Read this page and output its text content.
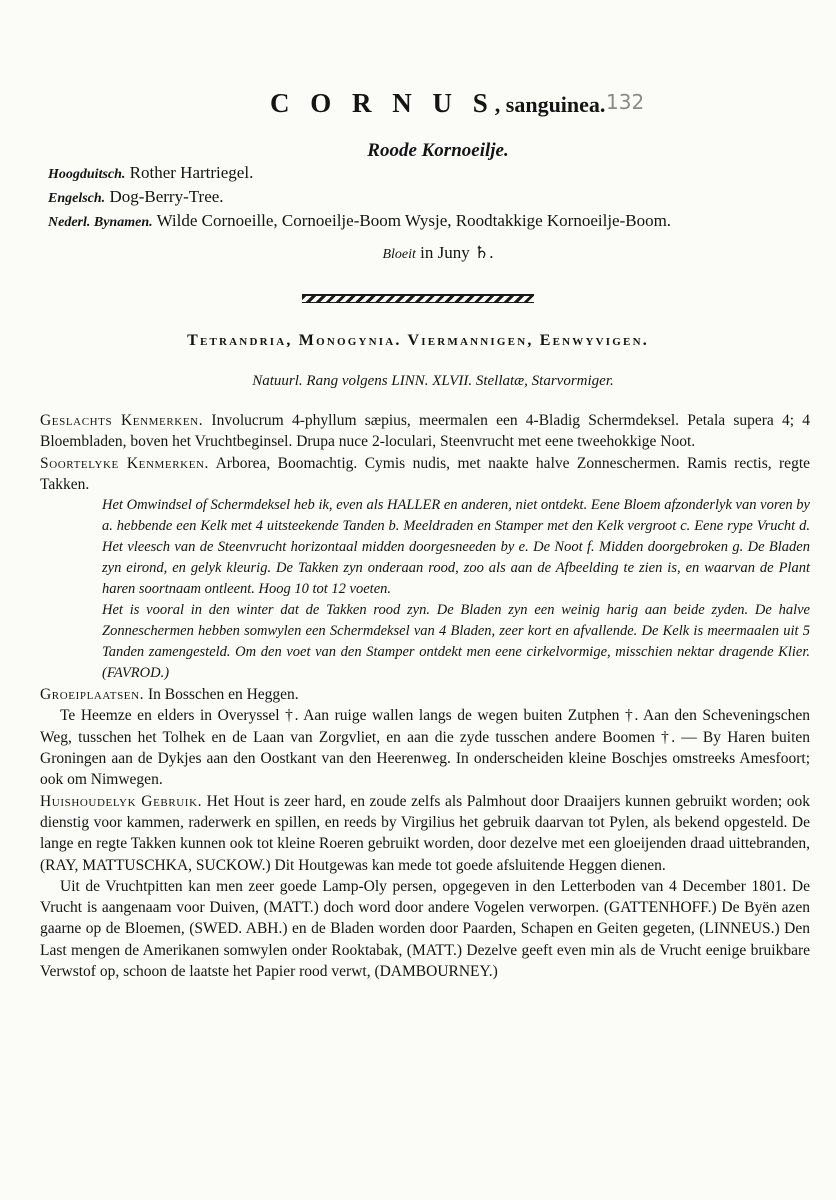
C O R N U S, sanguinea. 132
Roode Kornoeilje.
Hoogduitsch. Rother Hartriegel.
Engelsch. Dog-Berry-Tree.
Nederl. Bynamen. Wilde Cornoeille, Cornoeilje-Boom Wysje, Roodtakkige Kornoeilje-Boom.
Bloeit in Juny ♄.
Tetrandria, Monogynia. Viermannigen, Eenwyvigen.
Natuurl. Rang volgens LINN. XLVII. Stellatæ, Starvormiger.

Geslachts Kenmerken. Involucrum 4-phyllum sæpius, meermalen een 4-Bladig Schermdeksel. Petala supera 4; 4 Bloembladen, boven het Vruchtbeginsel. Drupa nuce 2-loculari, Steenvrucht met eene tweehokkige Noot.

Soortelyke Kenmerken. Arborea, Boomachtig. Cymis nudis, met naakte halve Zonneschermen. Ramis rectis, regte Takken.

Het Omwindsel of Schermdeksel heb ik, even als HALLER en anderen, niet ontdekt. Eene Bloem afzonderlyk van voren by a. hebbende een Kelk met 4 uitsteekende Tanden b. Meeldraden en Stamper met den Kelk vergroot c. Eene rype Vrucht d. Het vleesch van de Steenvrucht horizontaal midden doorgesneeden by e. De Noot f. Midden doorgebroken g. De Bladen zyn eirond, en gelyk kleurig. De Takken zyn onderaan rood, zoo als aan de Afbeelding te zien is, en waarvan de Plant haren soortnaam ontleent. Hoog 10 tot 12 voeten.

Het is vooral in den winter dat de Takken rood zyn. De Bladen zyn een weinig harig aan beide zyden. De halve Zonneschermen hebben somwylen een Schermdeksel van 4 Bladen, zeer kort en afvallende. De Kelk is meermaalen uit 5 Tanden zamengesteld. Om den voet van den Stamper ontdekt men eene cirkelvormige, misschien nektar dragende Klier. (FAVROD.)

Groeiplaatsen. In Bosschen en Heggen.

Te Heemze en elders in Overyssel †. Aan ruige wallen langs de wegen buiten Zutphen †. Aan den Scheveningschen Weg, tusschen het Tolhek en de Laan van Zorgvliet, en aan die zyde tusschen andere Boomen †. — By Haren buiten Groningen aan de Dykjes aan den Oostkant van den Heerenweg. In onderscheiden kleine Boschjes omstreeks Amesfoort; ook om Nimwegen.

Huishoudelyk Gebruik. Het Hout is zeer hard, en zoude zelfs als Palmhout door Draaijers kunnen gebruikt worden; ook dienstig voor kammen, raderwerk en spillen, en reeds by Virgilius het gebruik daarvan tot Pylen, als bekend opgesteld. De lange en regte Takken kunnen ook tot kleine Roeren gebruikt worden, door dezelve met een gloeijenden draad uittebranden, (RAY, MATTUSCHKA, SUCKOW.) Dit Houtgewas kan mede tot goede afsluitende Heggen dienen.

Uit de Vruchtpitten kan men zeer goede Lamp-Oly persen, opgegeven in den Letterboden van 4 December 1801. De Vrucht is aangenaam voor Duiven, (MATT.) doch word door andere Vogelen verworpen. (GATTENHOFF.) De Byën azen gaarne op de Bloemen, (SWED. ABH.) en de Bladen worden door Paarden, Schapen en Geiten gegeten, (LINNEUS.) Den Last mengen de Amerikanen somwylen onder Rooktabak, (MATT.) Dezelve geeft even min als de Vrucht eenige bruikbare Verwstof op, schoon de laatste het Papier rood verwt, (DAMBOURNEY.)
